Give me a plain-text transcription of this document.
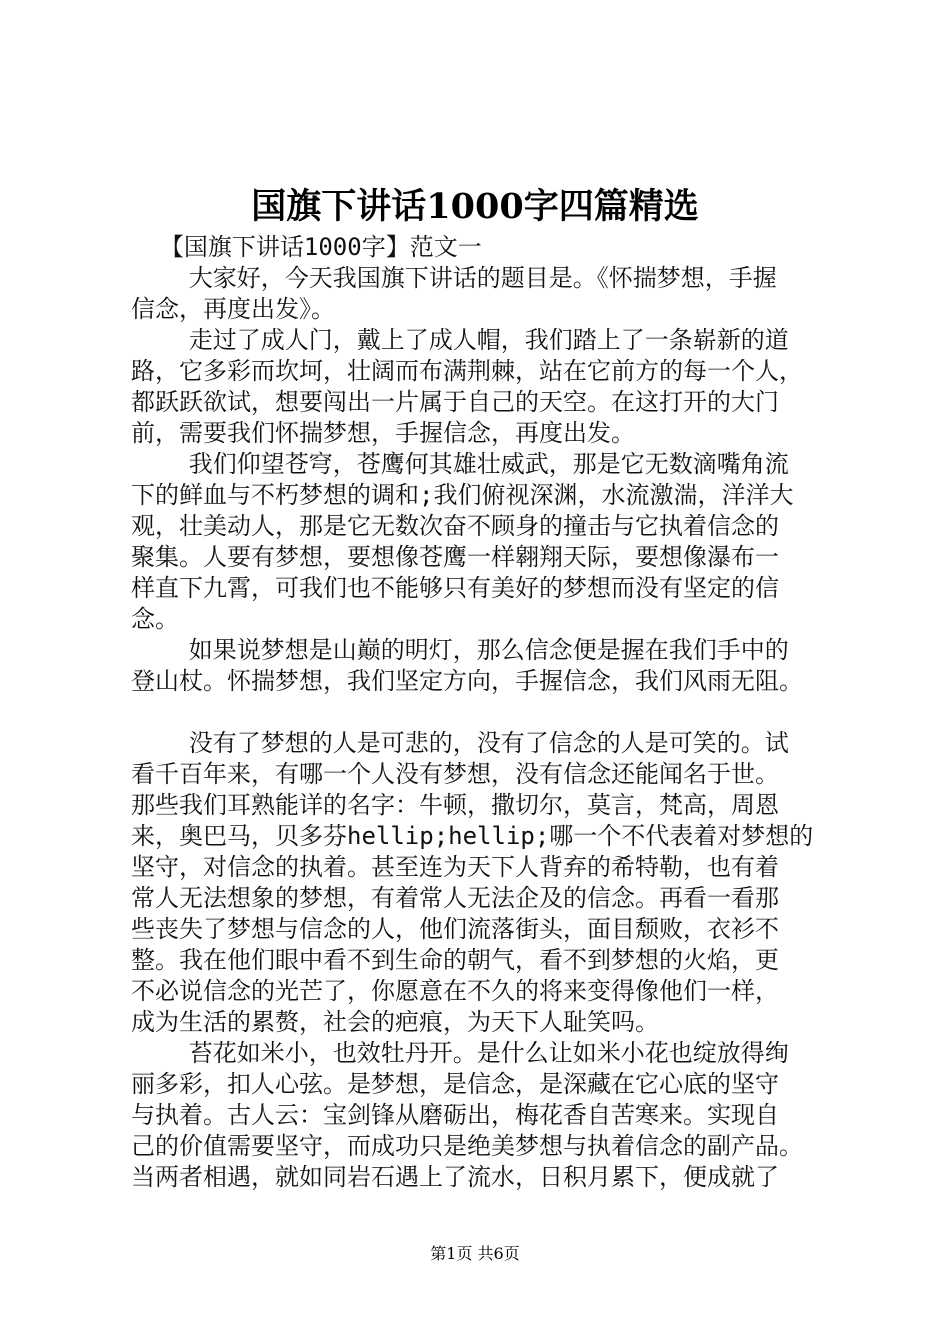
国旗下讲话1000字四篇精选
【国旗下讲话1000字】范文一
大家好，今天我国旗下讲话的题目是。《怀揣梦想，手握
信念，再度出发》。
走过了成人门，戴上了成人帽，我们踏上了一条崭新的道
路，它多彩而坎坷，壮阔而布满荆棘，站在它前方的每一个人，
都跃跃欲试，想要闯出一片属于自己的天空。在这打开的大门
前，需要我们怀揣梦想，手握信念，再度出发。
我们仰望苍穹，苍鹰何其雄壮威武，那是它无数滴嘴角流
下的鲜血与不朽梦想的调和;我们俯视深渊，水流激湍，洋洋大
观，壮美动人，那是它无数次奋不顾身的撞击与它执着信念的
聚集。人要有梦想，要想像苍鹰一样翱翔天际，要想像瀑布一
样直下九霄，可我们也不能够只有美好的梦想而没有坚定的信
念。
如果说梦想是山巅的明灯，那么信念便是握在我们手中的
登山杖。怀揣梦想，我们坚定方向，手握信念，我们风雨无阻。
没有了梦想的人是可悲的，没有了信念的人是可笑的。试
看千百年来，有哪一个人没有梦想，没有信念还能闻名于世。
那些我们耳熟能详的名字：牛顿，撒切尔，莫言，梵高，周恩
来，奥巴马，贝多芬hellip;hellip;哪一个不代表着对梦想的
坚守，对信念的执着。甚至连为天下人背弃的希特勒，也有着
常人无法想象的梦想，有着常人无法企及的信念。再看一看那
些丧失了梦想与信念的人，他们流落街头，面目颓败，衣衫不
整。我在他们眼中看不到生命的朝气，看不到梦想的火焰，更
不必说信念的光芒了，你愿意在不久的将来变得像他们一样，
成为生活的累赘，社会的疤痕，为天下人耻笑吗。
苔花如米小，也效牡丹开。是什么让如米小花也绽放得绚
丽多彩，扣人心弦。是梦想，是信念，是深藏在它心底的坚守
与执着。古人云：宝剑锋从磨砺出，梅花香自苦寒来。实现自
己的价值需要坚守，而成功只是绝美梦想与执着信念的副产品。
当两者相遇，就如同岩石遇上了流水，日积月累下，便成就了
第1页 共6页
